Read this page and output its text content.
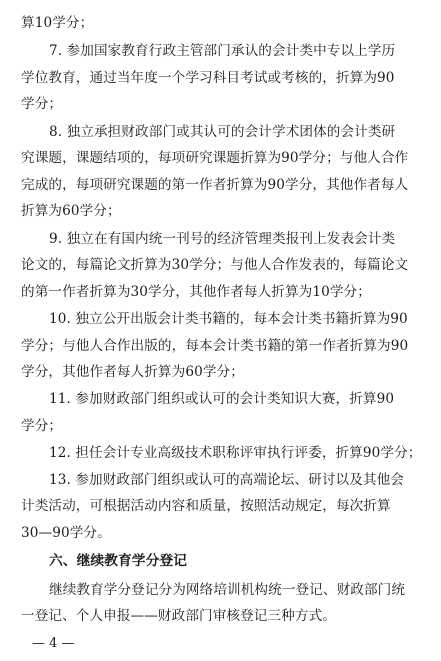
算10学分；
7. 参加国家教育行政主管部门承认的会计类中专以上学历
学位教育，通过当年度一个学习科目考试或考核的，折算为90
学分；
8. 独立承担财政部门或其认可的会计学术团体的会计类研
究课题，课题结项的，每项研究课题折算为90学分；与他人合作
完成的，每项研究课题的第一作者折算为90学分，其他作者每人
折算为60学分；
9. 独立在有国内统一刊号的经济管理类报刊上发表会计类
论文的，每篇论文折算为30学分；与他人合作发表的，每篇论文
的第一作者折算为30学分，其他作者每人折算为10学分；
10. 独立公开出版会计类书籍的，每本会计类书籍折算为90
学分；与他人合作出版的，每本会计类书籍的第一作者折算为90
学分，其他作者每人折算为60学分；
11. 参加财政部门组织或认可的会计类知识大赛，折算90
学分；
12. 担任会计专业高级技术职称评审执行评委，折算90学分；
13. 参加财政部门组织或认可的高端论坛、研讨以及其他会
计类活动，可根据活动内容和质量，按照活动规定，每次折算
30—90学分。
六、继续教育学分登记
继续教育学分登记分为网络培训机构统一登记、财政部门统
一登记、个人申报——财政部门审核登记三种方式。
— 4 —
